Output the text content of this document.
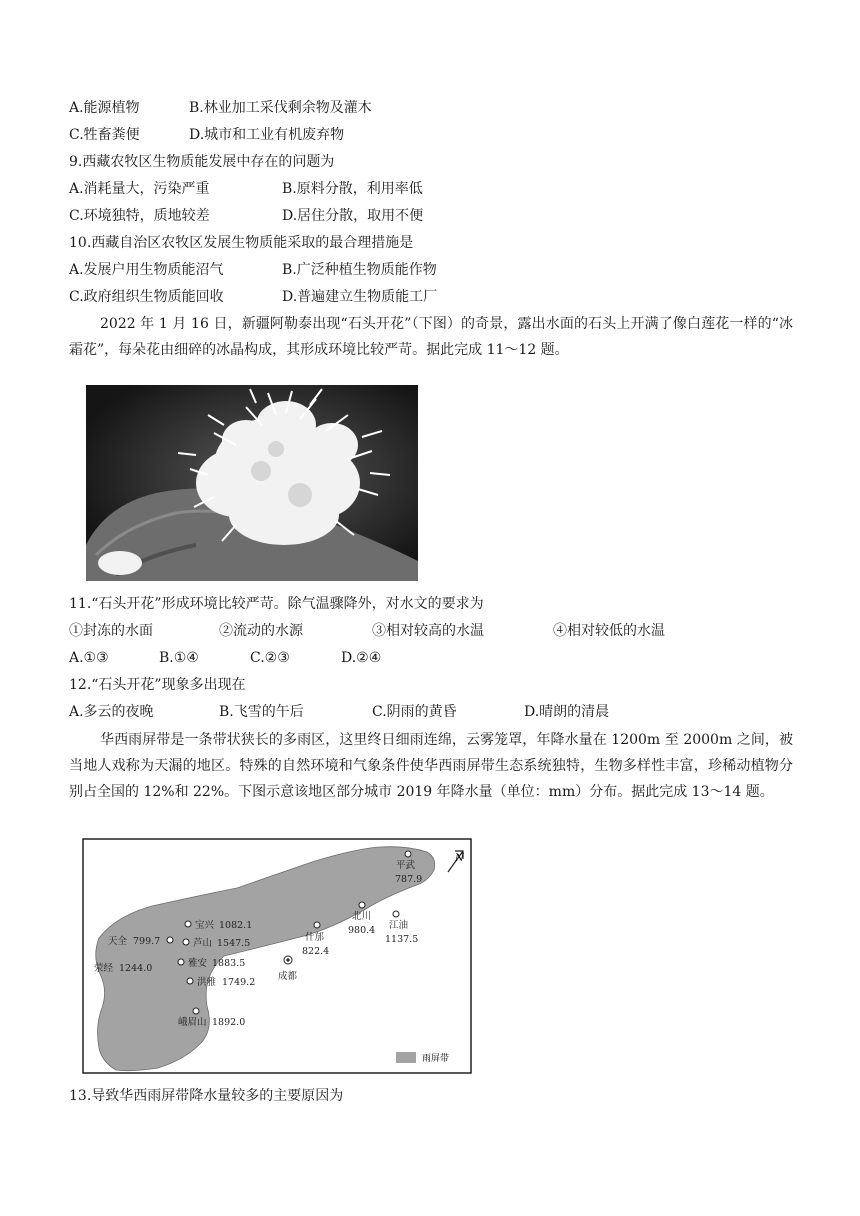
A.能源植物	B.林业加工采伐剩余物及灌木
C.牲畜粪便	D.城市和工业有机废弃物
9.西藏农牧区生物质能发展中存在的问题为
A.消耗量大，污染严重	B.原料分散，利用率低
C.环境独特，质地较差	D.居住分散，取用不便
10.西藏自治区农牧区发展生物质能采取的最合理措施是
A.发展户用生物质能沼气	B.广泛种植生物质能作物
C.政府组织生物质能回收	D.普遍建立生物质能工厂
2022 年 1 月 16 日，新疆阿勒泰出现“石头开花”（下图）的奇景，露出水面的石头上开满了像白莲花一样的“冰霜花”，每朵花由细碎的冰晶构成，其形成环境比较严苛。据此完成 11～12 题。
11.“石头开花”形成环境比较严苛。除气温骤降外，对水文的要求为
①封冻的水面	②流动的水源	③相对较高的水温	④相对较低的水温
A.①③	B.①④	C.②③	D.②④
12.“石头开花”现象多出现在
A.多云的夜晚	B.飞雪的午后	C.阴雨的黄昏	D.晴朗的清晨
华西雨屏带是一条带状狭长的多雨区，这里终日细雨连绵，云雾笼罩，年降水量在 1200m 至 2000m 之间，被当地人戏称为天漏的地区。特殊的自然环境和气象条件使华西雨屏带生态系统独特，生物多样性丰富，珍稀动植物分别占全国的 12%和 22%。下图示意该地区部分城市 2019 年降水量（单位：mm）分布。据此完成 13～14 题。
N
平武
787.9
北川
980.4 江油
1137.5
什邡
822.4
宝兴 1082.1
天全 799.7	芦山 1547.5
雅安 1883.5
荥经 1244.0
成都
洪雅 1749.2
峨眉山 1892.0
雨屏带
13.导致华西雨屏带降水量较多的主要原因为
